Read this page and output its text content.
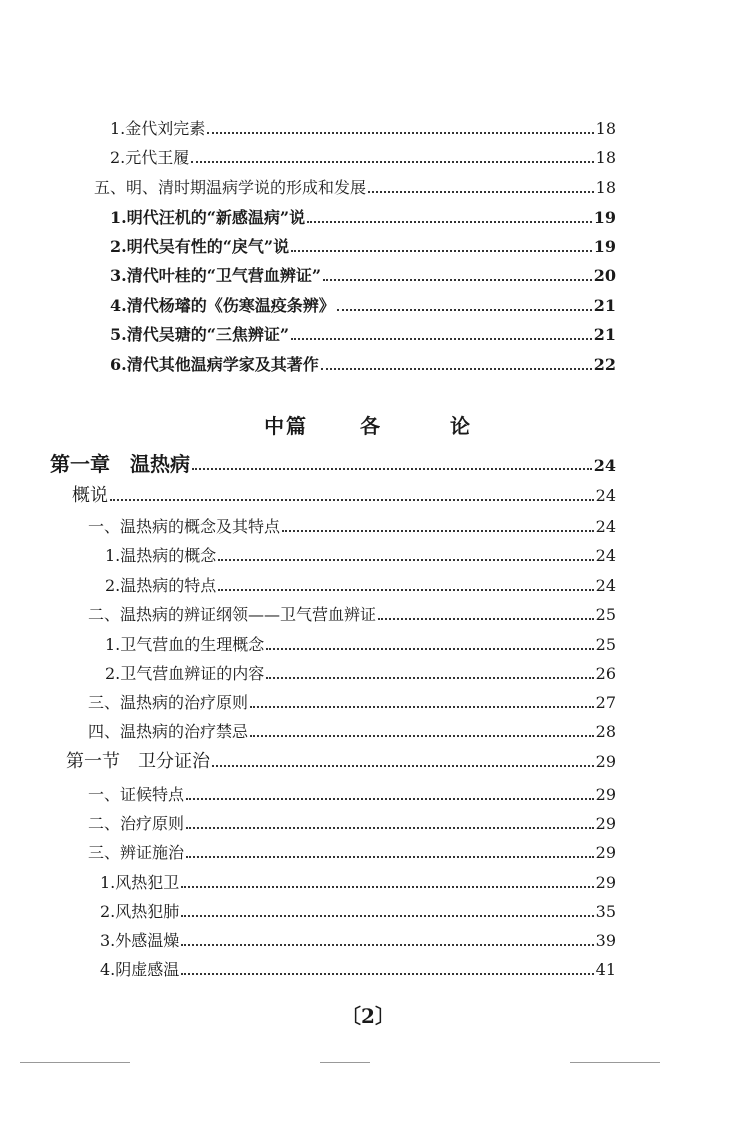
1.金代刘完素	18
2.元代王履	18
五、明、清时期温病学说的形成和发展	18
1.明代汪机的“新感温病”说	19
2.明代吴有性的“戾气”说	19
3.清代叶桂的“卫气营血辨证”	20
4.清代杨璿的《伤寒温疫条辨》	21
5.清代吴瑭的“三焦辨证”	21
6.清代其他温病学家及其著作	22
中篇	各	论
第一章　温热病	24
概说	24
一、温热病的概念及其特点	24
1.温热病的概念	24
2.温热病的特点	24
二、温热病的辨证纲领——卫气营血辨证	25
1.卫气营血的生理概念	25
2.卫气营血辨证的内容	26
三、温热病的治疗原则	27
四、温热病的治疗禁忌	28
第一节　卫分证治	29
一、证候特点	29
二、治疗原则	29
三、辨证施治	29
1.风热犯卫	29
2.风热犯肺	35
3.外感温燥	39
4.阴虚感温	41
〔2〕
